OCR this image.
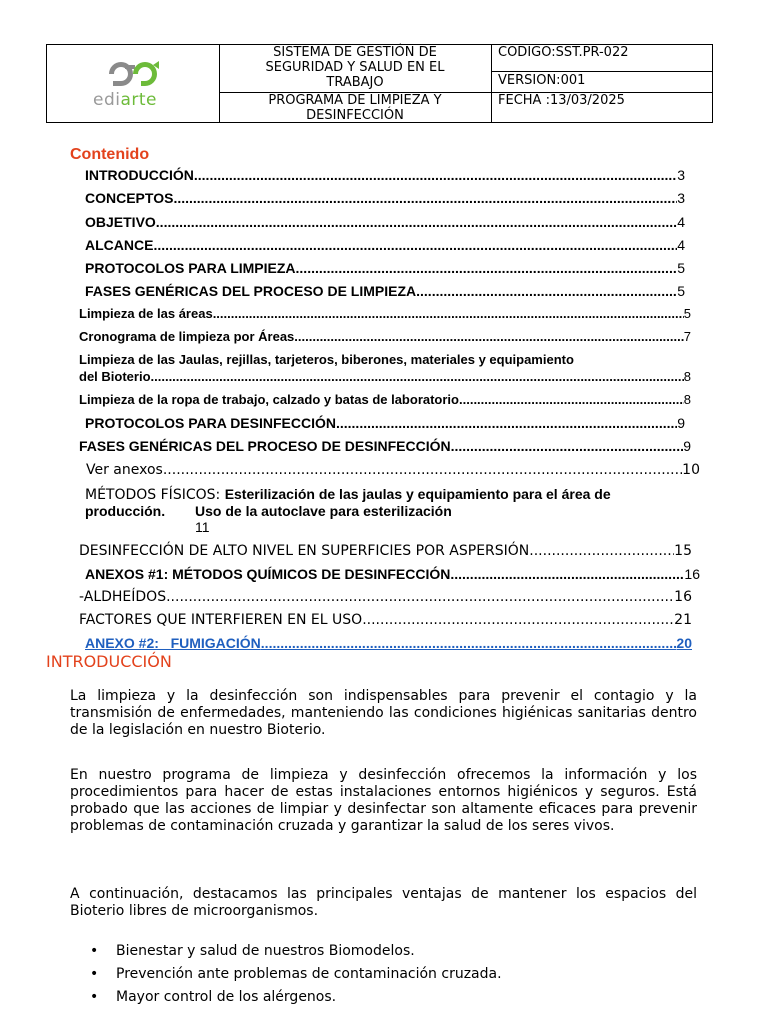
ediarte
SISTEMA DE GESTIÓN DE
SEGURIDAD Y SALUD EN EL
TRABAJO
PROGRAMA DE LIMPIEZA Y
DESINFECCIÓN
CODIGO:SST.PR-022
VERSION:001
FECHA :13/03/2025
Contenido
INTRODUCCIÓN .....	3
CONCEPTOS .....	3
OBJETIVO .....	4
ALCANCE .....	4
PROTOCOLOS PARA LIMPIEZA .....	5
FASES GENÉRICAS DEL PROCESO DE LIMPIEZA .....	5
Limpieza de las áreas .....	5
Cronograma de limpieza por Áreas .....	7
Limpieza de las Jaulas, rejillas, tarjeteros, biberones, materiales y equipamiento
del Bioterio .....	8
Limpieza de la ropa de trabajo, calzado y batas de laboratorio .....	8
PROTOCOLOS PARA DESINFECCIÓN .....	9
FASES GENÉRICAS DEL PROCESO DE DESINFECCIÓN .....	9
Ver anexos .....	10
MÉTODOS FÍSICOS: Esterilización de las jaulas y equipamiento para el área de
producción. Uso de la autoclave para esterilización
11
DESINFECCIÓN DE ALTO NIVEL EN SUPERFICIES POR ASPERSIÓN .....	15
ANEXOS #1: MÉTODOS QUÍMICOS DE DESINFECCIÓN .....	16
-ALDHEÍDOS .....	16
FACTORES QUE INTERFIEREN EN EL USO .....	21
ANEXO #2:   FUMIGACIÓN .....	20
INTRODUCCIÓN
La limpieza y la desinfección son indispensables para prevenir el contagio y la transmisión de enfermedades, manteniendo las condiciones higiénicas sanitarias dentro de la legislación en nuestro Bioterio.
En nuestro programa de limpieza y desinfección ofrecemos la información y los procedimientos para hacer de estas instalaciones entornos higiénicos y seguros. Está probado que las acciones de limpiar y desinfectar son altamente eficaces para prevenir problemas de contaminación cruzada y garantizar la salud de los seres vivos.
A continuación, destacamos las principales ventajas de mantener los espacios del Bioterio libres de microorganismos.
• Bienestar y salud de nuestros Biomodelos.
• Prevención ante problemas de contaminación cruzada.
• Mayor control de los alérgenos.
